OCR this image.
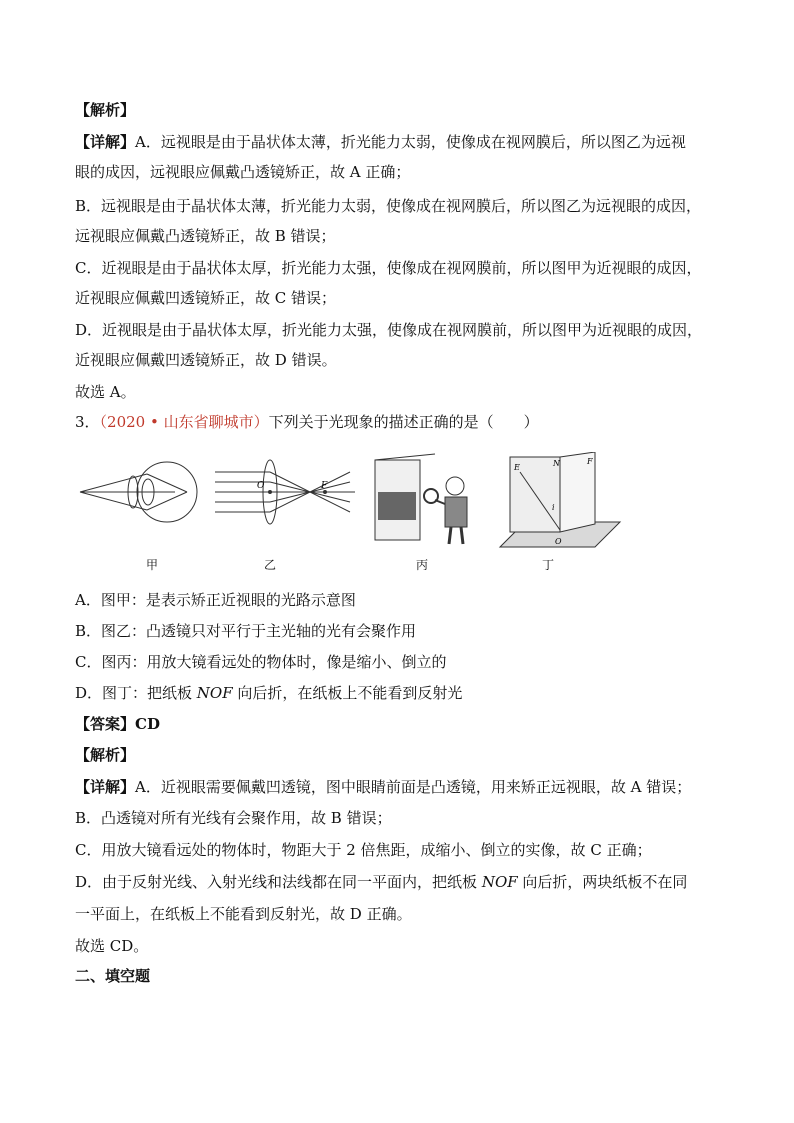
【解析】
【详解】A．远视眼是由于晶状体太薄，折光能力太弱，使像成在视网膜后，所以图乙为远视
眼的成因，远视眼应佩戴凸透镜矫正，故 A 正确；
B．远视眼是由于晶状体太薄，折光能力太弱，使像成在视网膜后，所以图乙为远视眼的成因，
远视眼应佩戴凸透镜矫正，故 B 错误；
C．近视眼是由于晶状体太厚，折光能力太强，使像成在视网膜前，所以图甲为近视眼的成因，
近视眼应佩戴凹透镜矫正，故 C 错误；
D．近视眼是由于晶状体太厚，折光能力太强，使像成在视网膜前，所以图甲为近视眼的成因，
近视眼应佩戴凹透镜矫正，故 D 错误。
故选 A。
3．（2020 • 山东省聊城市）下列关于光现象的描述正确的是（　　）
O	F
E	N	F
i
O
甲	乙	丙	丁
A．图甲：是表示矫正近视眼的光路示意图
B．图乙：凸透镜只对平行于主光轴的光有会聚作用
C．图丙：用放大镜看远处的物体时，像是缩小、倒立的
D．图丁：把纸板 NOF 向后折，在纸板上不能看到反射光
【答案】CD
【解析】
【详解】A．近视眼需要佩戴凹透镜，图中眼睛前面是凸透镜，用来矫正远视眼，故 A 错误；
B．凸透镜对所有光线有会聚作用，故 B 错误；
C．用放大镜看远处的物体时，物距大于 2 倍焦距，成缩小、倒立的实像，故 C 正确；
D．由于反射光线、入射光线和法线都在同一平面内，把纸板 NOF 向后折，两块纸板不在同
一平面上，在纸板上不能看到反射光，故 D 正确。
故选 CD。
二、填空题
